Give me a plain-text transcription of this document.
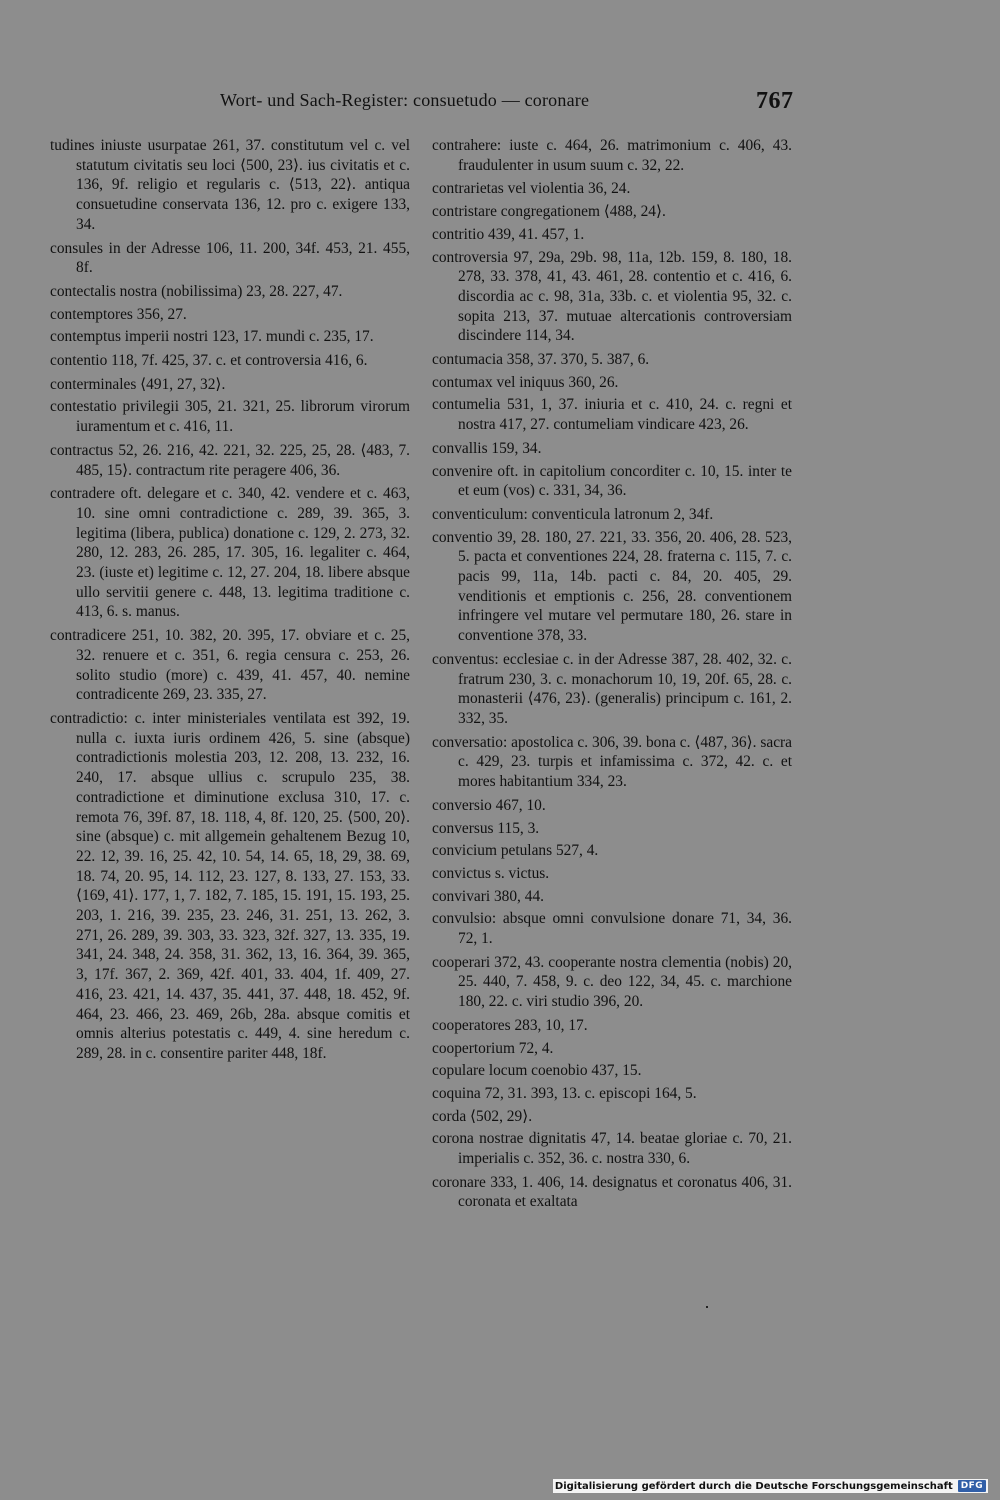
Wort- und Sach-Register: consuetudo — coronare	767

tudines iniuste usurpatae 261, 37. constitutum vel c. vel statutum civitatis seu loci ⟨500, 23⟩. ius civitatis et c. 136, 9f. religio et regularis c. ⟨513, 22⟩. antiqua consuetudine conservata 136, 12. pro c. exigere 133, 34.

consules in der Adresse 106, 11. 200, 34f. 453, 21. 455, 8f.

contectalis nostra (nobilissima) 23, 28. 227, 47.

contemptores 356, 27.

contemptus imperii nostri 123, 17. mundi c. 235, 17.

contentio 118, 7f. 425, 37. c. et controversia 416, 6.

conterminales ⟨491, 27, 32⟩.

contestatio privilegii 305, 21. 321, 25. librorum virorum iuramentum et c. 416, 11.

contractus 52, 26. 216, 42. 221, 32. 225, 25, 28. ⟨483, 7. 485, 15⟩. contractum rite peragere 406, 36.

contradere oft. delegare et c. 340, 42. vendere et c. 463, 10. sine omni contradictione c. 289, 39. 365, 3. legitima (libera, publica) donatione c. 129, 2. 273, 32. 280, 12. 283, 26. 285, 17. 305, 16. legaliter c. 464, 23. (iuste et) legitime c. 12, 27. 204, 18. libere absque ullo servitii genere c. 448, 13. legitima traditione c. 413, 6. s. manus.

contradicere 251, 10. 382, 20. 395, 17. obviare et c. 25, 32. renuere et c. 351, 6. regia censura c. 253, 26. solito studio (more) c. 439, 41. 457, 40. nemine contradicente 269, 23. 335, 27.

contradictio: c. inter ministeriales ventilata est 392, 19. nulla c. iuxta iuris ordinem 426, 5. sine (absque) contradictionis molestia 203, 12. 208, 13. 232, 16. 240, 17. absque ullius c. scrupulo 235, 38. contradictione et diminutione exclusa 310, 17. c. remota 76, 39f. 87, 18. 118, 4, 8f. 120, 25. ⟨500, 20⟩. sine (absque) c. mit allgemein gehaltenem Bezug 10, 22. 12, 39. 16, 25. 42, 10. 54, 14. 65, 18, 29, 38. 69, 18. 74, 20. 95, 14. 112, 23. 127, 8. 133, 27. 153, 33. ⟨169, 41⟩. 177, 1, 7. 182, 7. 185, 15. 191, 15. 193, 25. 203, 1. 216, 39. 235, 23. 246, 31. 251, 13. 262, 3. 271, 26. 289, 39. 303, 33. 323, 32f. 327, 13. 335, 19. 341, 24. 348, 24. 358, 31. 362, 13, 16. 364, 39. 365, 3, 17f. 367, 2. 369, 42f. 401, 33. 404, 1f. 409, 27. 416, 23. 421, 14. 437, 35. 441, 37. 448, 18. 452, 9f. 464, 23. 466, 23. 469, 26b, 28a. absque comitis et omnis alterius potestatis c. 449, 4. sine heredum c. 289, 28. in c. consentire pariter 448, 18f.

contrahere: iuste c. 464, 26. matrimonium c. 406, 43. fraudulenter in usum suum c. 32, 22.

contrarietas vel violentia 36, 24.

contristare congregationem ⟨488, 24⟩.

contritio 439, 41. 457, 1.

controversia 97, 29a, 29b. 98, 11a, 12b. 159, 8. 180, 18. 278, 33. 378, 41, 43. 461, 28. contentio et c. 416, 6. discordia ac c. 98, 31a, 33b. c. et violentia 95, 32. c. sopita 213, 37. mutuae altercationis controversiam discindere 114, 34.

contumacia 358, 37. 370, 5. 387, 6.

contumax vel iniquus 360, 26.

contumelia 531, 1, 37. iniuria et c. 410, 24. c. regni et nostra 417, 27. contumeliam vindicare 423, 26.

convallis 159, 34.

convenire oft. in capitolium concorditer c. 10, 15. inter te et eum (vos) c. 331, 34, 36.

conventiculum: conventicula latronum 2, 34f.

conventio 39, 28. 180, 27. 221, 33. 356, 20. 406, 28. 523, 5. pacta et conventiones 224, 28. fraterna c. 115, 7. c. pacis 99, 11a, 14b. pacti c. 84, 20. 405, 29. venditionis et emptionis c. 256, 28. conventionem infringere vel mutare vel permutare 180, 26. stare in conventione 378, 33.

conventus: ecclesiae c. in der Adresse 387, 28. 402, 32. c. fratrum 230, 3. c. monachorum 10, 19, 20f. 65, 28. c. monasterii ⟨476, 23⟩. (generalis) principum c. 161, 2. 332, 35.

conversatio: apostolica c. 306, 39. bona c. ⟨487, 36⟩. sacra c. 429, 23. turpis et infamissima c. 372, 42. c. et mores habitantium 334, 23.

conversio 467, 10.

conversus 115, 3.

convicium petulans 527, 4.

convictus s. victus.

convivari 380, 44.

convulsio: absque omni convulsione donare 71, 34, 36. 72, 1.

cooperari 372, 43. cooperante nostra clementia (nobis) 20, 25. 440, 7. 458, 9. c. deo 122, 34, 45. c. marchione 180, 22. c. viri studio 396, 20.

cooperatores 283, 10, 17.

coopertorium 72, 4.

copulare locum coenobio 437, 15.

coquina 72, 31. 393, 13. c. episcopi 164, 5.

corda ⟨502, 29⟩.

corona nostrae dignitatis 47, 14. beatae gloriae c. 70, 21. imperialis c. 352, 36. c. nostra 330, 6.

coronare 333, 1. 406, 14. designatus et coronatus 406, 31. coronata et exaltata

Digitalisierung gefördert durch die Deutsche Forschungsgemeinschaft DFG
